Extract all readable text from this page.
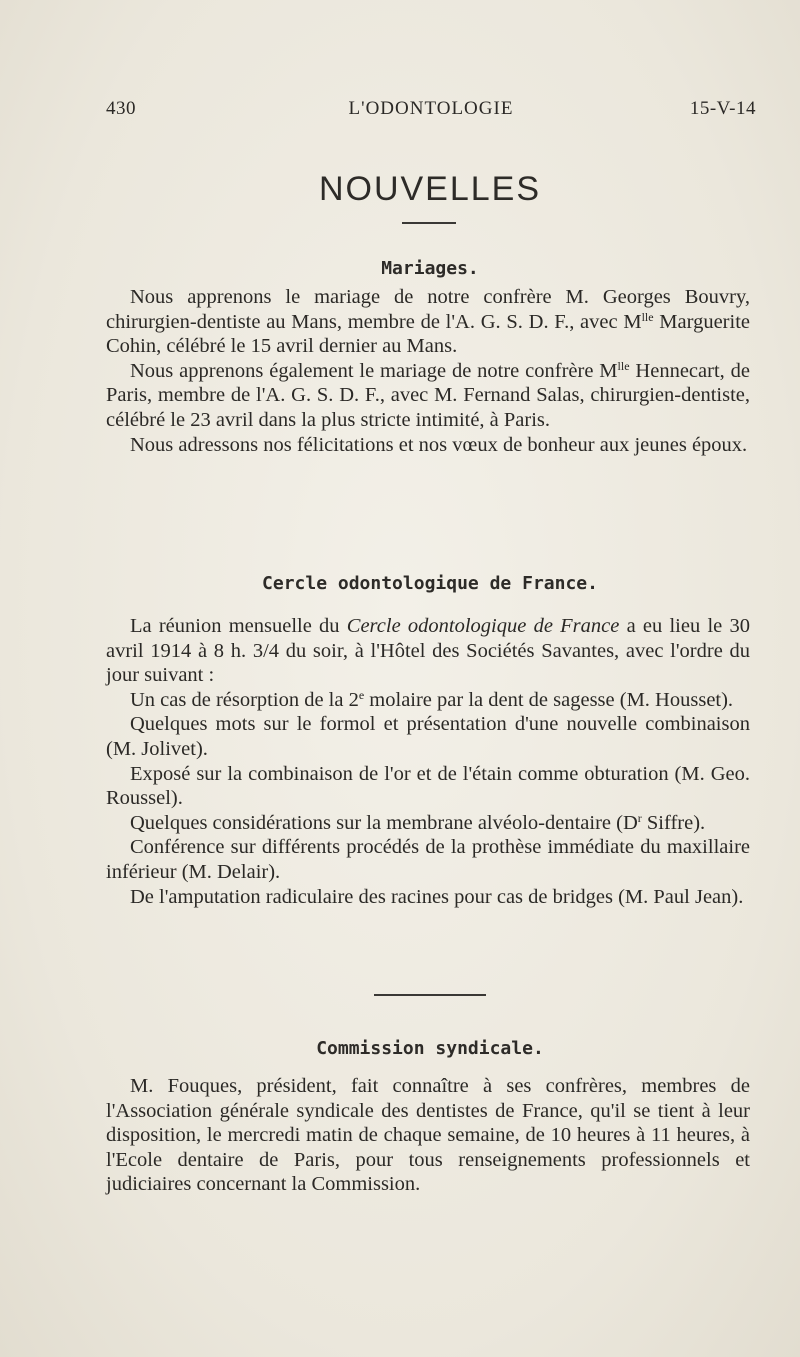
430	L'ODONTOLOGIE	15-V-14
NOUVELLES
Mariages.

Nous apprenons le mariage de notre confrère M. Georges Bouvry, chirurgien-dentiste au Mans, membre de l'A. G. S. D. F., avec $M^{lle}$ Marguerite Cohin, célébré le 15 avril dernier au Mans.

Nous apprenons également le mariage de notre confrère $M^{lle}$ Hennecart, de Paris, membre de l'A. G. S. D. F., avec M. Fernand Salas, chirurgien-dentiste, célébré le 23 avril dans la plus stricte intimité, à Paris.

Nous adressons nos félicitations et nos vœux de bonheur aux jeunes époux.

Cercle odontologique de France.

La réunion mensuelle du Cercle odontologique de France a eu lieu le 30 avril 1914 à 8 h. 3/4 du soir, à l'Hôtel des Sociétés Savantes, avec l'ordre du jour suivant :

Un cas de résorption de la 2e molaire par la dent de sagesse (M. Housset).

Quelques mots sur le formol et présentation d'une nouvelle combinaison (M. Jolivet).

Exposé sur la combinaison de l'or et de l'étain comme obturation (M. Geo. Roussel).

Quelques considérations sur la membrane alvéolo-dentaire ($D^r$ Siffre).

Conférence sur différents procédés de la prothèse immédiate du maxillaire inférieur (M. Delair).

De l'amputation radiculaire des racines pour cas de bridges (M. Paul Jean).

Commission syndicale.

M. Fouques, président, fait connaître à ses confrères, membres de l'Association générale syndicale des dentistes de France, qu'il se tient à leur disposition, le mercredi matin de chaque semaine, de 10 heures à 11 heures, à l'Ecole dentaire de Paris, pour tous renseignements professionnels et judiciaires concernant la Commission.
